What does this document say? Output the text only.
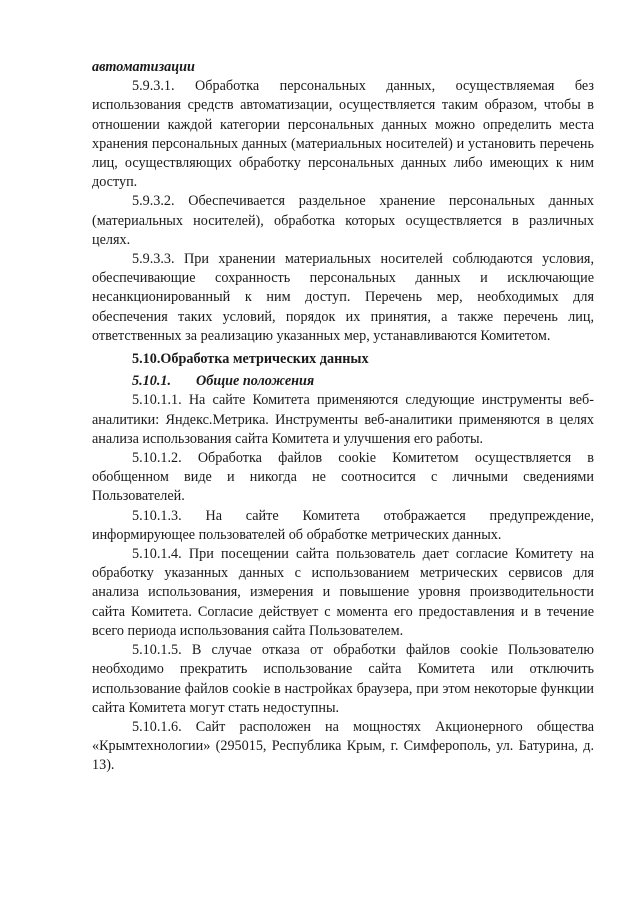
автоматизации

5.9.3.1. Обработка персональных данных, осуществляемая без использования средств автоматизации, осуществляется таким образом, чтобы в отношении каждой категории персональных данных можно определить места хранения персональных данных (материальных носителей) и установить перечень лиц, осуществляющих обработку персональных данных либо имеющих к ним доступ.

5.9.3.2. Обеспечивается раздельное хранение персональных данных (материальных носителей), обработка которых осуществляется в различных целях.

5.9.3.3. При хранении материальных носителей соблюдаются условия, обеспечивающие сохранность персональных данных и исключающие несанкционированный к ним доступ. Перечень мер, необходимых для обеспечения таких условий, порядок их принятия, а также перечень лиц, ответственных за реализацию указанных мер, устанавливаются Комитетом.

5.10.Обработка метрических данных

5.10.1. Общие положения

5.10.1.1. На сайте Комитета применяются следующие инструменты веб-аналитики: Яндекс.Метрика. Инструменты веб-аналитики применяются в целях анализа использования сайта Комитета и улучшения его работы.

5.10.1.2. Обработка файлов cookie Комитетом осуществляется в обобщенном виде и никогда не соотносится с личными сведениями Пользователей.

5.10.1.3. На сайте Комитета отображается предупреждение, информирующее пользователей об обработке метрических данных.

5.10.1.4. При посещении сайта пользователь дает согласие Комитету на обработку указанных данных с использованием метрических сервисов для анализа использования, измерения и повышение уровня производительности сайта Комитета. Согласие действует с момента его предоставления и в течение всего периода использования сайта Пользователем.

5.10.1.5. В случае отказа от обработки файлов cookie Пользователю необходимо прекратить использование сайта Комитета или отключить использование файлов cookie в настройках браузера, при этом некоторые функции сайта Комитета могут стать недоступны.

5.10.1.6. Сайт расположен на мощностях Акционерного общества «Крымтехнологии» (295015, Республика Крым, г. Симферополь, ул. Батурина, д. 13).
